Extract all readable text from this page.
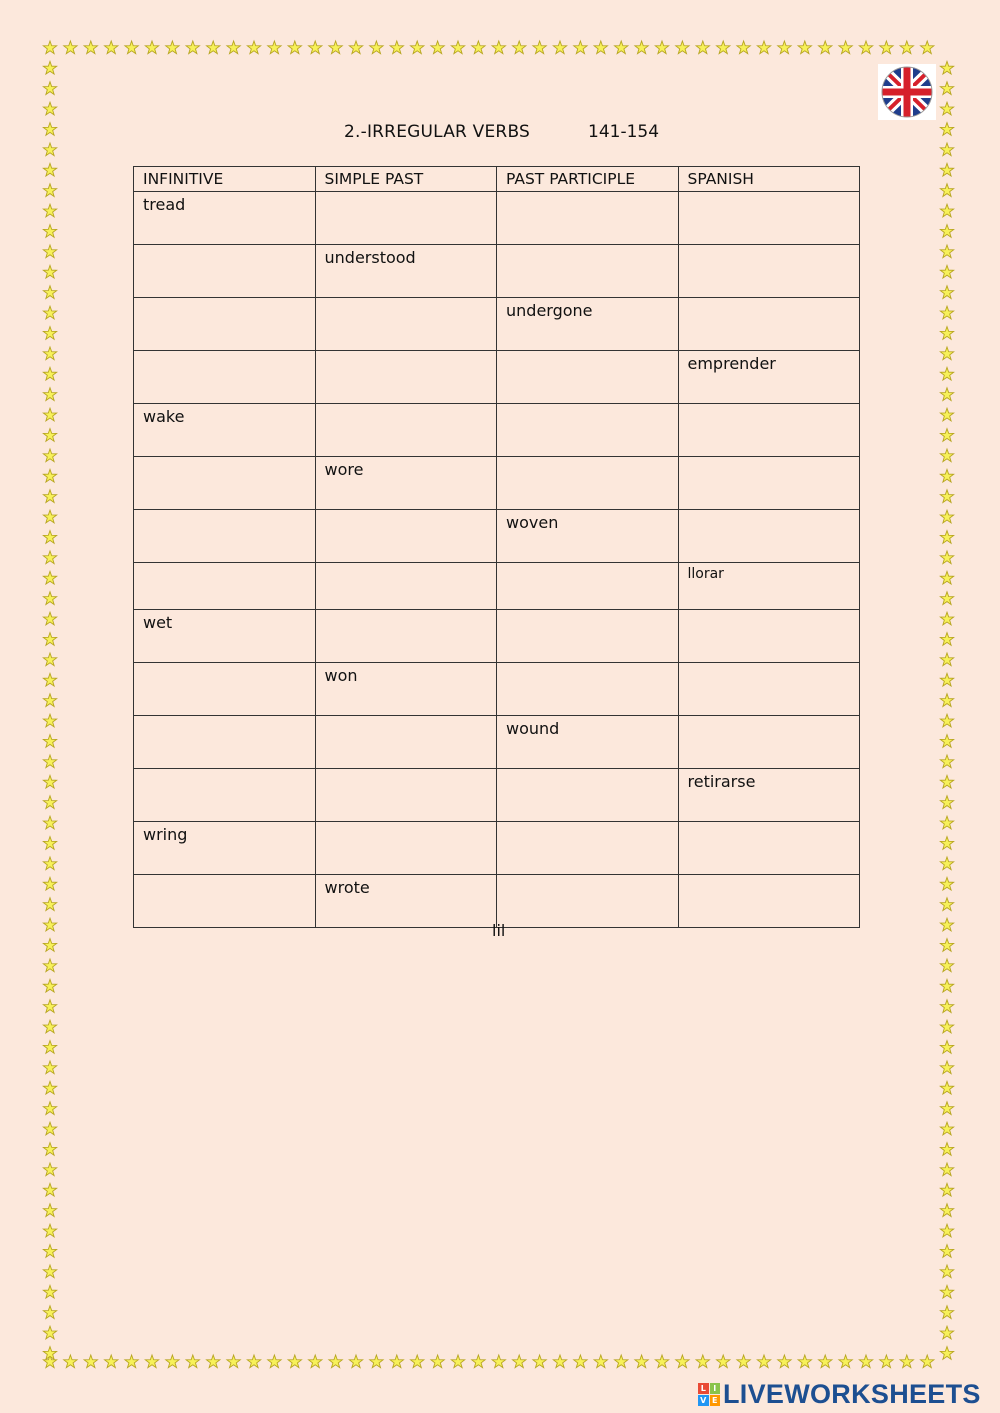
2.-IRREGULAR VERBS	141-154
INFINITIVE	SIMPLE PAST	PAST PARTICIPLE	SPANISH
tread			
	understood		
		undergone	
			emprender
wake			
	wore		
		woven	
			llorar
wet			
	won		
		wound	
			retirarse
wring			
	wrote		
lil
L I
V E LIVEWORKSHEETS
